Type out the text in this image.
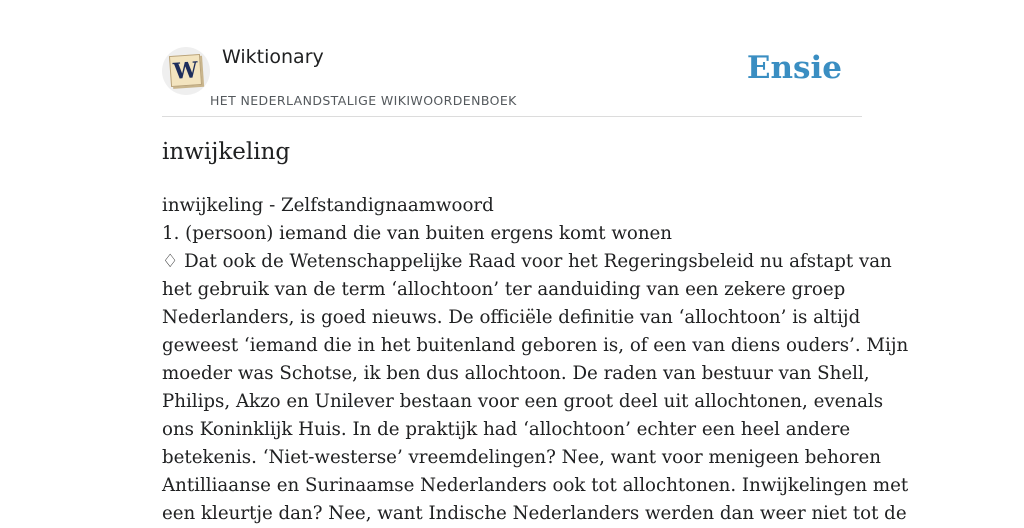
W Wiktionary
HET NEDERLANDSTALIGE WIKIWOORDENBOEK
Ensie
inwijkeling
inwijkeling - Zelfstandignaamwoord
1. (persoon) iemand die van buiten ergens komt wonen

♢ Dat ook de Wetenschappelijke Raad voor het Regeringsbeleid nu afstapt van
het gebruik van de term ‘allochtoon’ ter aanduiding van een zekere groep
Nederlanders, is goed nieuws. De officiële definitie van ‘allochtoon’ is altijd
geweest ‘iemand die in het buitenland geboren is, of een van diens ouders’. Mijn
moeder was Schotse, ik ben dus allochtoon. De raden van bestuur van Shell,
Philips, Akzo en Unilever bestaan voor een groot deel uit allochtonen, evenals
ons Koninklijk Huis. In de praktijk had ‘allochtoon’ echter een heel andere
betekenis. ‘Niet-westerse’ vreemdelingen? Nee, want voor menigeen behoren
Antilliaanse en Surinaamse Nederlanders ook tot allochtonen. Inwijkelingen met
een kleurtje dan? Nee, want Indische Nederlanders werden dan weer niet tot de
